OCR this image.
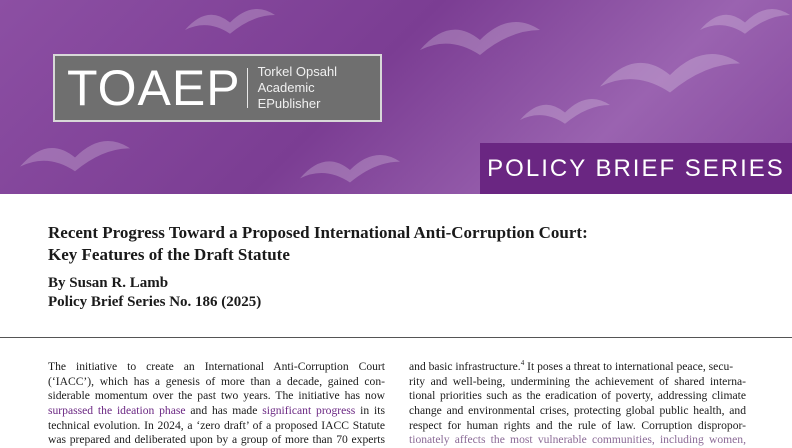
TOAEP Torkel Opsahl
Academic EPublisher
POLICY BRIEF SERIES

Recent Progress Toward a Proposed International Anti-Corruption Court:
Key Features of the Draft Statute

By Susan R. Lamb

Policy Brief Series No. 186 (2025)

The initiative to create an International Anti-Corruption Court
(‘IACC’), which has a genesis of more than a decade, gained con-
siderable momentum over the past two years. The initiative has now
surpassed the ideation phase and has made significant progress in its
technical evolution. In 2024, a ‘zero draft’ of a proposed IACC Statute
was prepared and deliberated upon by a group of more than 70 experts
and basic infrastructure.$^4$ It poses a threat to international peace, secu-
rity and well-being, undermining the achievement of shared interna-
tional priorities such as the eradication of poverty, addressing climate
change and environmental crises, protecting global public health, and
respect for human rights and the rule of law. Corruption dispropor-
tionately affects the most vulnerable communities, including women,
